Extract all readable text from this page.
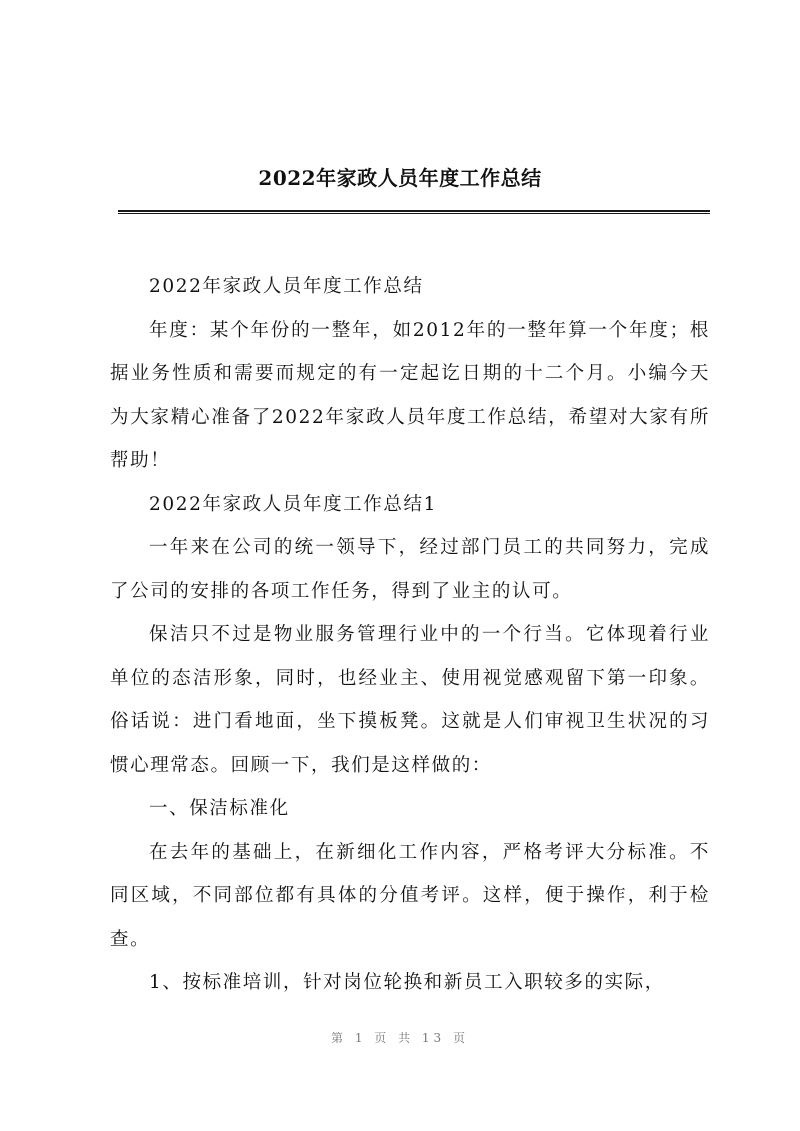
2022年家政人员年度工作总结

2022年家政人员年度工作总结

年度：某个年份的一整年，如2012年的一整年算一个年度；根据业务性质和需要而规定的有一定起讫日期的十二个月。小编今天为大家精心准备了2022年家政人员年度工作总结，希望对大家有所帮助！

2022年家政人员年度工作总结1

一年来在公司的统一领导下，经过部门员工的共同努力，完成了公司的安排的各项工作任务，得到了业主的认可。

保洁只不过是物业服务管理行业中的一个行当。它体现着行业单位的态洁形象，同时，也经业主、使用视觉感观留下第一印象。俗话说：进门看地面，坐下摸板凳。这就是人们审视卫生状况的习惯心理常态。回顾一下，我们是这样做的：

一、保洁标准化

在去年的基础上，在新细化工作内容，严格考评大分标准。不同区域，不同部位都有具体的分值考评。这样，便于操作，利于检查。

1、按标准培训，针对岗位轮换和新员工入职较多的实际，

第 1 页 共 13 页
